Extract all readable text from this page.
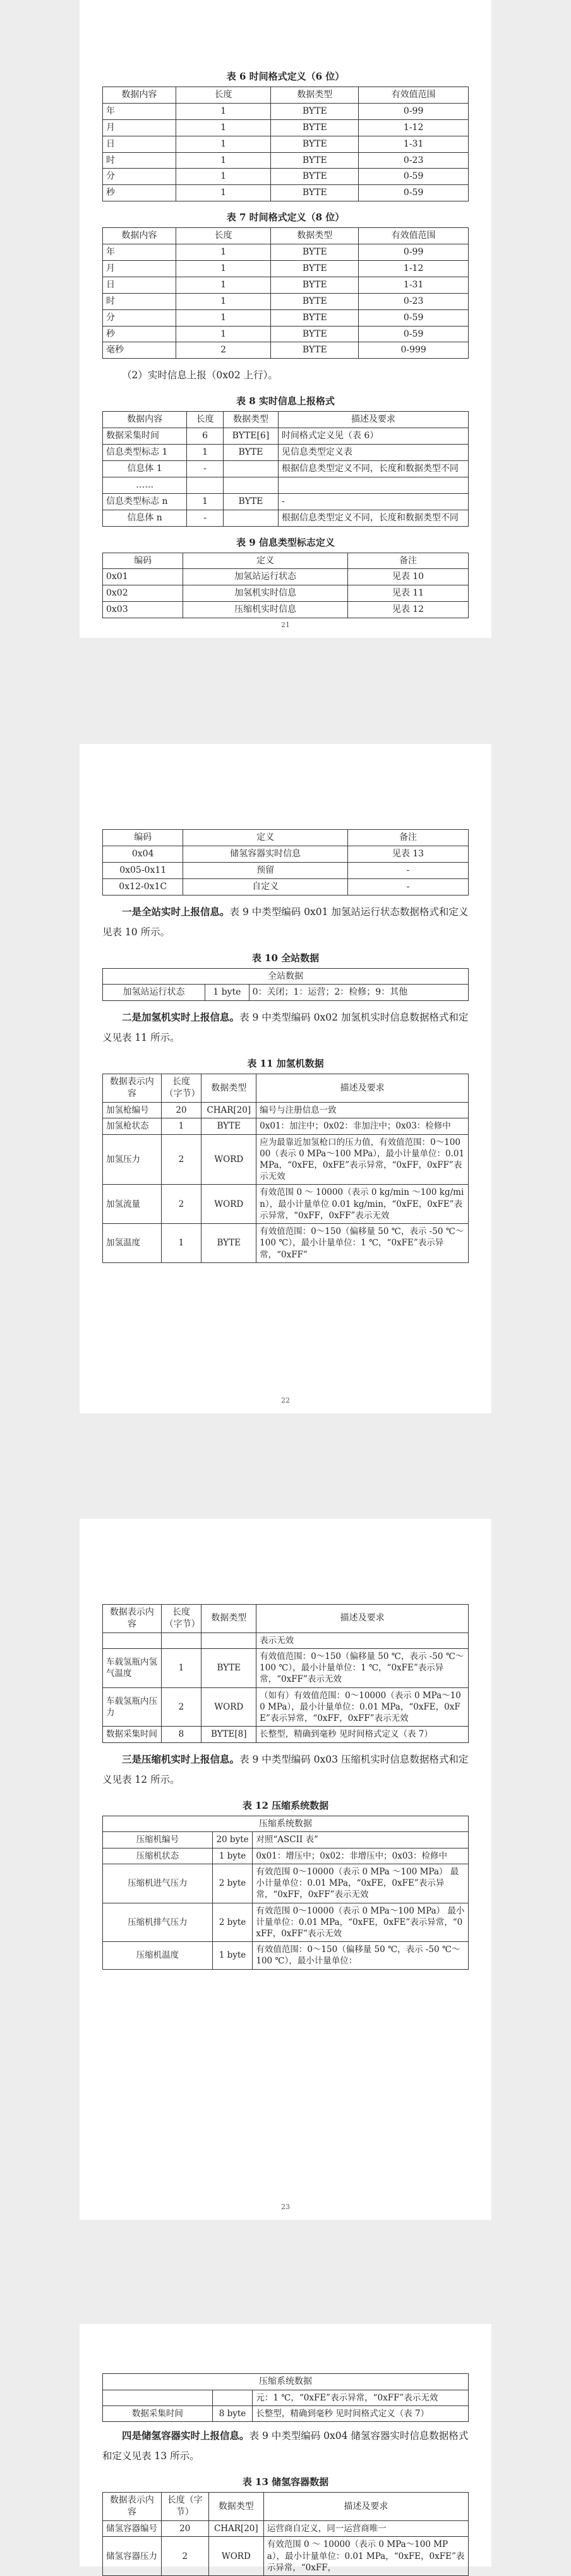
表 6 时间格式定义（6 位）
数据内容	长度	数据类型	有效值范围
年	1	BYTE	0-99
月	1	BYTE	1-12
日	1	BYTE	1-31
时	1	BYTE	0-23
分	1	BYTE	0-59
秒	1	BYTE	0-59
表 7 时间格式定义（8 位）
数据内容	长度	数据类型	有效值范围
年	1	BYTE	0-99
月	1	BYTE	1-12
日	1	BYTE	1-31
时	1	BYTE	0-23
分	1	BYTE	0-59
秒	1	BYTE	0-59
毫秒	2	BYTE	0-999
（2）实时信息上报（0x02 上行）。
表 8 实时信息上报格式
数据内容	长度	数据类型	描述及要求
数据采集时间	6	BYTE[6]	时间格式定义见（表 6）
信息类型标志 1	1	BYTE	见信息类型定义表
信息体 1	-		根据信息类型定义不同，长度和数据类型不同
……			
信息类型标志 n	1	BYTE	-
信息体 n	-		根据信息类型定义不同，长度和数据类型不同
表 9 信息类型标志定义
编码	定义	备注
0x01	加氢站运行状态	见表 10
0x02	加氢机实时信息	见表 11
0x03	压缩机实时信息	见表 12
21
编码	定义	备注
0x04	储氢容器实时信息	见表 13
0x05-0x11	预留	-
0x12-0x1C	自定义	-
一是全站实时上报信息。表 9 中类型编码 0x01 加氢站运行状态数据格式和定义见表 10 所示。
表 10 全站数据
全站数据
加氢站运行状态	1 byte	0：关闭；1：运营；2：检修；9：其他
二是加氢机实时上报信息。表 9 中类型编码 0x02 加氢机实时信息数据格式和定义见表 11 所示。
表 11 加氢机数据
数据表示内容	长度（字节）	数据类型	描述及要求
加氢枪编号	20	CHAR[20]	编号与注册信息一致
加氢枪状态	1	BYTE	0x01：加注中；0x02：非加注中；0x03：检修中
加氢压力	2	WORD	应为最靠近加氢枪口的压力值，有效值范围：0～10000（表示 0 MPa～100 MPa），最小计量单位：0.01 MPa，“0xFE，0xFE”表示异常，“0xFF，0xFF”表示无效
加氢流量	2	WORD	有效范围 0 ～ 10000（表示 0 kg/min ～100 kg/min），最小计量单位 0.01 kg/min，“0xFE，0xFE”表示异常，“0xFF，0xFF”表示无效
加氢温度	1	BYTE	有效值范围：0～150（偏移量 50 ℃，表示 -50 ℃～100 ℃），最小计量单位：1 ℃，“0xFE”表示异常，“0xFF”
22
数据表示内容	长度（字节）	数据类型	描述及要求
			表示无效
车载氢瓶内氢气温度	1	BYTE	有效值范围：0～150（偏移量 50 ℃，表示 -50 ℃～100 ℃），最小计量单位：1 ℃，“0xFE”表示异常，“0xFF”表示无效
车载氢瓶内压力	2	WORD	（如有）有效值范围：0～10000（表示 0 MPa～100 MPa），最小计量单位：0.01 MPa，“0xFE，0xFE”表示异常，“0xFF，0xFF”表示无效
数据采集时间	8	BYTE[8]	长整型，精确到毫秒 见时间格式定义（表 7）
三是压缩机实时上报信息。表 9 中类型编码 0x03 压缩机实时信息数据格式和定义见表 12 所示。
表 12 压缩系统数据
压缩系统数据		
压缩机编号	20 byte	对照“ASCII 表”
压缩机状态	1 byte	0x01：增压中；0x02：非增压中；0x03：检修中
压缩机进气压力	2 byte	有效范围 0～10000（表示 0 MPa ～100 MPa） 最小计量单位：0.01 MPa，“0xFE，0xFE”表示异常，“0xFF，0xFF”表示无效
压缩机排气压力	2 byte	有效范围 0～10000（表示 0 MPa～100 MPa） 最小计量单位：0.01 MPa，“0xFE，0xFE”表示异常，“0xFF，0xFF”表示无效
压缩机温度	1 byte	有效值范围：0～150（偏移量 50 ℃，表示 -50 ℃～100 ℃），最小计量单位：
23
压缩系统数据		
		元：1 ℃，“0xFE”表示异常，“0xFF”表示无效
数据采集时间	8 byte	长整型，精确到毫秒 见时间格式定义（表 7）
四是储氢容器实时上报信息。表 9 中类型编码 0x04 储氢容器实时信息数据格式和定义见表 13 所示。
表 13 储氢容器数据
数据表示内容	长度（字节）	数据类型	描述及要求
储氢容器编号	20	CHAR[20]	运营商自定义，同一运营商唯一
储氢容器压力	2	WORD	有效范围 0 ～ 10000（表示 0 MPa～100 MPa），最小计量单位：0.01 MPa，“0xFE，0xFE”表示异常，“0xFF，
